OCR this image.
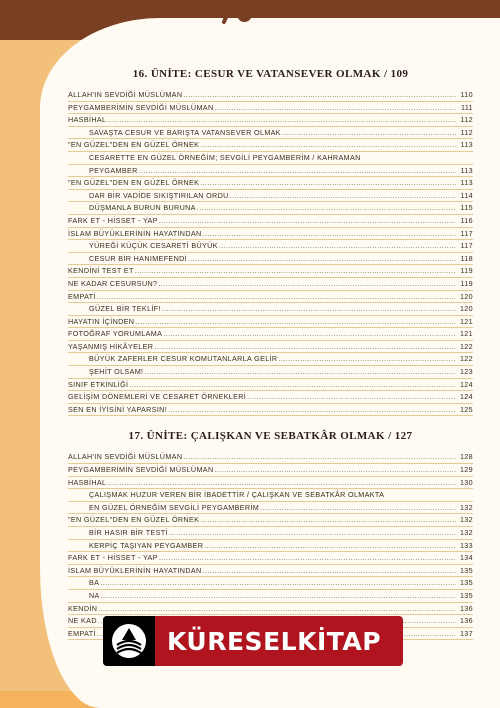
16. ÜNİTE: CESUR VE VATANSEVER OLMAK / 109
ALLAH'IN SEVDİĞİ MÜSLÜMAN .....	110
PEYGAMBERİMİN SEVDİĞİ MÜSLÜMAN .....	111
HASBİHAL .....	112
SAVAŞTA CESUR VE BARIŞTA VATANSEVER OLMAK .....	112
"EN GÜZEL"DEN EN GÜZEL ÖRNEK .....	113
CESARETTE EN GÜZEL ÖRNEĞİM; SEVGİLİ PEYGAMBERİM / KAHRAMAN
PEYGAMBER .....	113
"EN GÜZEL"DEN EN GÜZEL ÖRNEK .....	113
DAR BİR VADİDE SIKIŞTIRILAN ORDU .....	114
DÜŞMANLA BURUN BURUNA .....	115
FARK ET - HİSSET - YAP .....	116
İSLAM BÜYÜKLERİNİN HAYATINDAN .....	117
YÜREĞİ KÜÇÜK CESARETİ BÜYÜK .....	117
CESUR BİR HANIMEFENDİ .....	118
KENDİNİ TEST ET .....	119
NE KADAR CESURSUN? .....	119
EMPATİ .....	120
GÜZEL BİR TEKLİF! .....	120
HAYATIN İÇİNDEN .....	121
FOTOĞRAF YORUMLAMA .....	121
YAŞANMIŞ HİKÂYELER .....	122
BÜYÜK ZAFERLER CESUR KOMUTANLARLA GELİR .....	122
ŞEHİT OLSAM! .....	123
SINIF ETKİNLİĞİ .....	124
GELİŞİM DÖNEMLERİ VE CESARET ÖRNEKLERİ .....	124
SEN EN İYİSİNİ YAPARSIN! .....	125
17. ÜNİTE: ÇALIŞKAN VE SEBATKÂR OLMAK / 127
ALLAH'IN SEVDİĞİ MÜSLÜMAN .....	128
PEYGAMBERİMİN SEVDİĞİ MÜSLÜMAN .....	129
HASBİHAL .....	130
ÇALIŞMAK HUZUR VEREN BİR İBADETTİR / ÇALIŞKAN VE SEBATKÂR OLMAKTA
EN GÜZEL ÖRNEĞİM SEVGİLİ PEYGAMBERİM .....	132
"EN GÜZEL"DEN EN GÜZEL ÖRNEK .....	132
BİR HASIR BİR TESTİ .....	132
KERPİÇ TAŞIYAN PEYGAMBER .....	133
FARK ET - HİSSET - YAP .....	134
İSLAM BÜYÜKLERİNİN HAYATINDAN .....	135
BA .....	135
NA .....	135
KENDİN .....	136
NE KAD .....	136
EMPATİ .....	137
KÜRESELKİTAP
